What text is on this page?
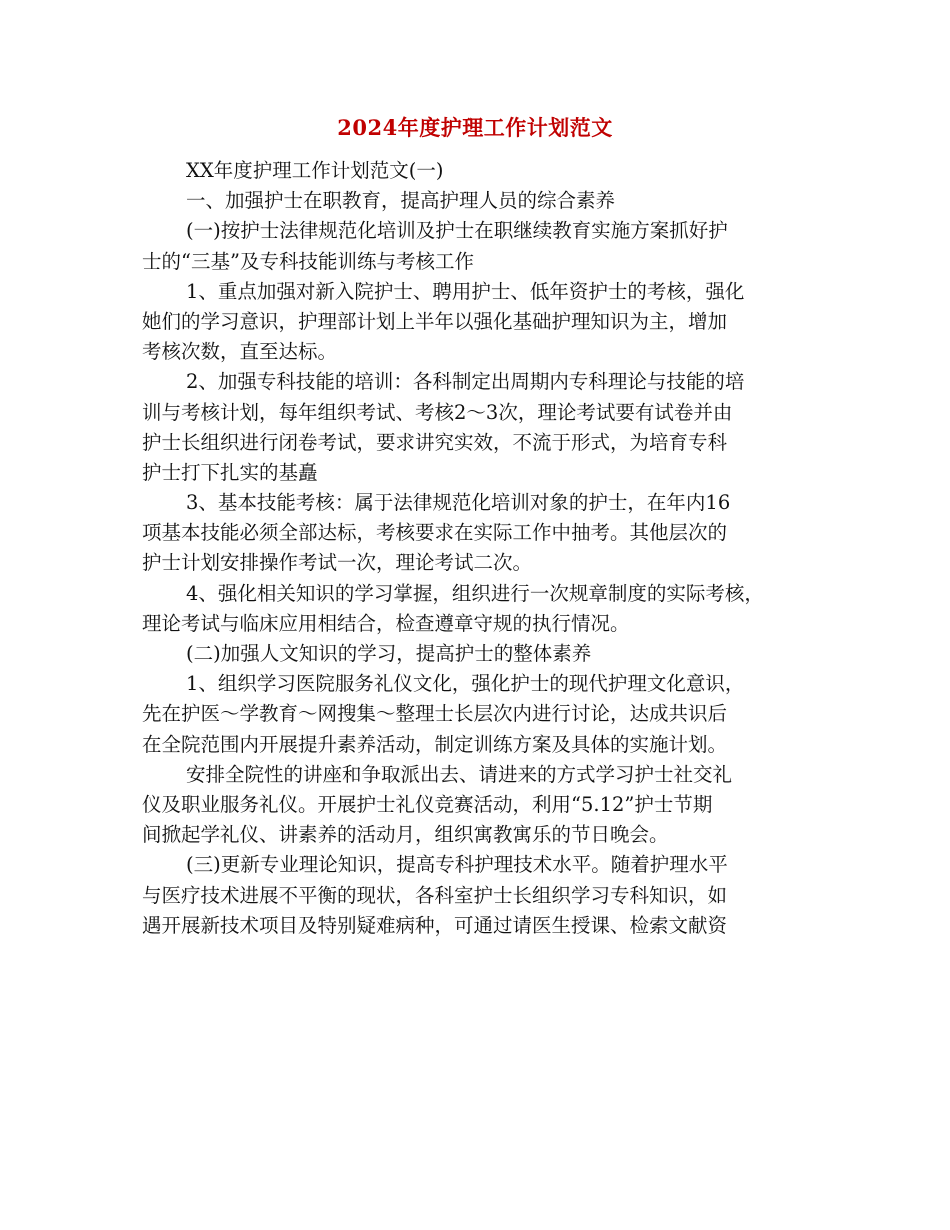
2024年度护理工作计划范文
XX年度护理工作计划范文(一)
一、加强护士在职教育，提高护理人员的综合素养
(一)按护士法律规范化培训及护士在职继续教育实施方案抓好护
士的“三基”及专科技能训练与考核工作
1、重点加强对新入院护士、聘用护士、低年资护士的考核，强化
她们的学习意识，护理部计划上半年以强化基础护理知识为主，增加
考核次数，直至达标。
2、加强专科技能的培训：各科制定出周期内专科理论与技能的培
训与考核计划，每年组织考试、考核2～3次，理论考试要有试卷并由
护士长组织进行闭卷考试，要求讲究实效，不流于形式，为培育专科
护士打下扎实的基矗
3、基本技能考核：属于法律规范化培训对象的护士，在年内16
项基本技能必须全部达标，考核要求在实际工作中抽考。其他层次的
护士计划安排操作考试一次，理论考试二次。
4、强化相关知识的学习掌握，组织进行一次规章制度的实际考核，
理论考试与临床应用相结合，检查遵章守规的执行情况。
(二)加强人文知识的学习，提高护士的整体素养
1、组织学习医院服务礼仪文化，强化护士的现代护理文化意识，
先在护医～学教育～网搜集～整理士长层次内进行讨论，达成共识后
在全院范围内开展提升素养活动，制定训练方案及具体的实施计划。
安排全院性的讲座和争取派出去、请进来的方式学习护士社交礼
仪及职业服务礼仪。开展护士礼仪竞赛活动，利用“5.12”护士节期
间掀起学礼仪、讲素养的活动月，组织寓教寓乐的节日晚会。
(三)更新专业理论知识，提高专科护理技术水平。随着护理水平
与医疗技术进展不平衡的现状，各科室护士长组织学习专科知识，如
遇开展新技术项目及特别疑难病种，可通过请医生授课、检索文献资
